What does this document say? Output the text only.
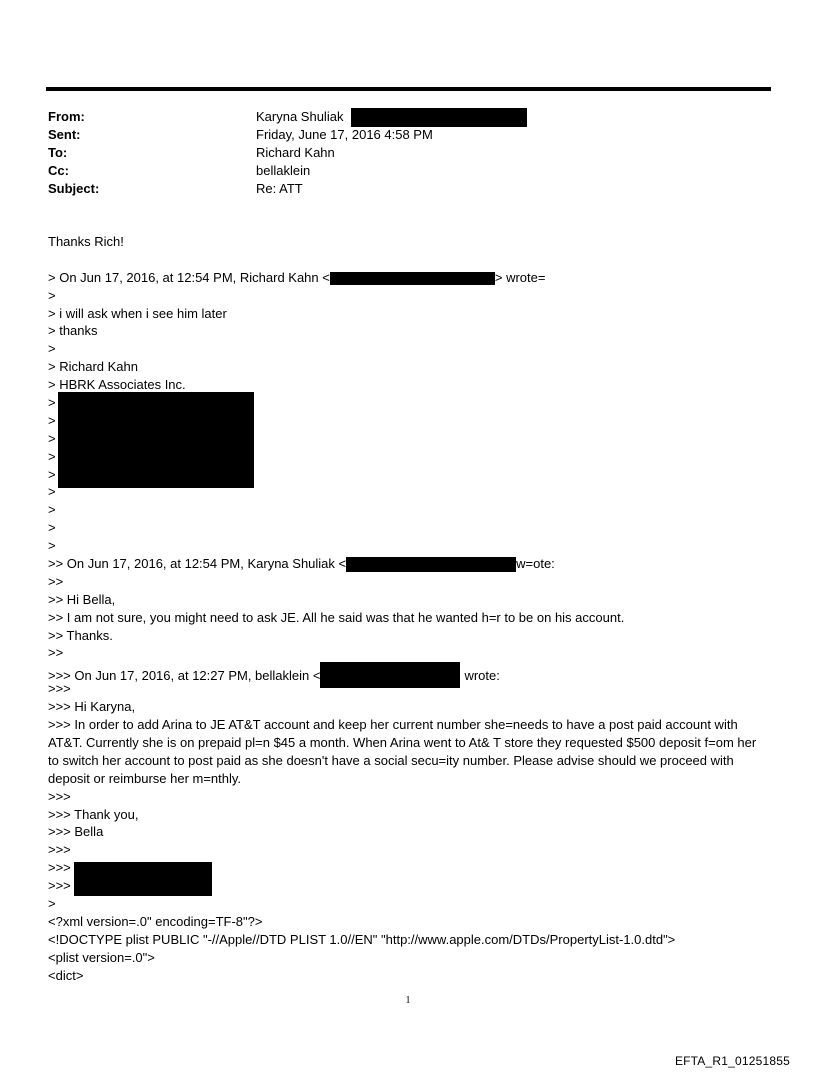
From:	Karyna Shuliak
Sent:	Friday, June 17, 2016 4:58 PM
To:	Richard Kahn
Cc:	bellaklein
Subject:	Re: ATT
Thanks Rich!
> On Jun 17, 2016, at 12:54 PM, Richard Kahn <	> wrote=
>
> i will ask when i see him later
> thanks
>
> Richard Kahn
> HBRK Associates Inc.
>
>
>
>
>
>
>
>
>
>> On Jun 17, 2016, at 12:54 PM, Karyna Shuliak <	w=ote:
>>
>> Hi Bella,
>> I am not sure, you might need to ask JE. All he said was that he wanted h=r to be on his account.
>> Thanks.
>>
>>> On Jun 17, 2016, at 12:27 PM, bellaklein <	wrote:
>>>
>>> Hi Karyna,
>>> In order to add Arina to JE AT&T account and keep her current number she=needs to have a post paid account with AT&T. Currently she is on prepaid pl=n $45 a month. When Arina went to At& T store they requested $500 deposit f=om her to switch her account to post paid as she doesn't have a social secu=ity number. Please advise should we proceed with deposit or reimburse her m=nthly.
>>>
>>> Thank you,
>>> Bella
>>>
>>>
>>>
>
<?xml version=.0" encoding=TF-8"?>
<!DOCTYPE plist PUBLIC "-//Apple//DTD PLIST 1.0//EN" "http://www.apple.com/DTDs/PropertyList-1.0.dtd">
<plist version=.0">
<dict>
1
EFTA_R1_01251855
